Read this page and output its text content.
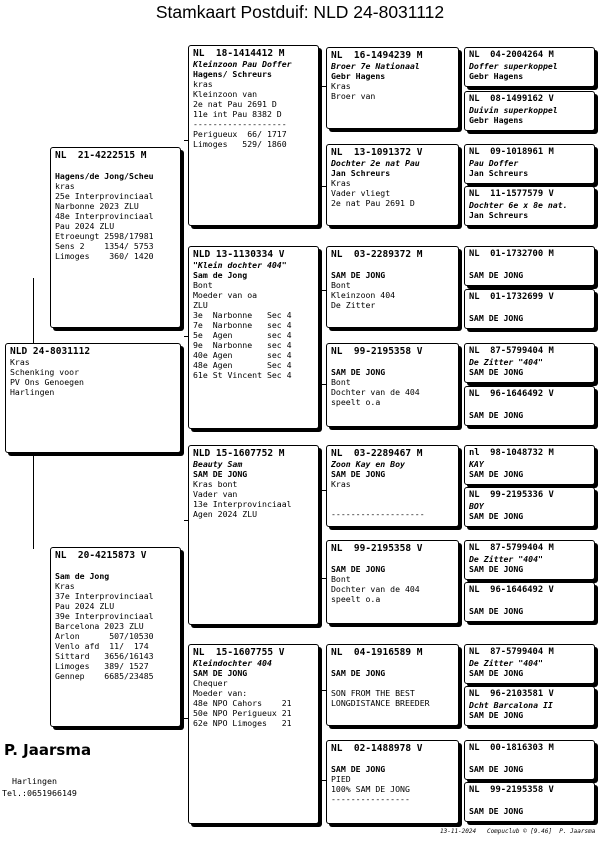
Stamkaart Postduif: NLD 24-8031112
NLD 24-8031112
Kras
Schenking voor
PV Ons Genoegen
Harlingen
NL  21-4222515 M
Hagens/de Jong/Scheu
kras
25e Interprovinciaal
Narbonne 2023 ZLU
48e Interprovinciaal
Pau 2024 ZLU
Etroeungt 2598/17981
Sens 2    1354/ 5753
Limoges    360/ 1420
NL  20-4215873 V
Sam de Jong
Kras
37e Interprovinciaal
Pau 2024 ZLU
39e Interprovinciaal
Barcelona 2023 ZLU
Arlon      507/10530
Venlo afd  11/  174
Sittard   3656/16143
Limoges   389/ 1527
Gennep    6685/23485
NL  18-1414412 M
Kleinzoon Pau Doffer
Hagens/ Schreurs
kras
Kleinzoon van
2e nat Pau 2691 D
11e int Pau 8382 D
-------------------
Perigueux  66/ 1717
Limoges   529/ 1860
NLD 13-1130334 V
"Klein dochter 404"
Sam de Jong
Bont
Moeder van oa
ZLU
3e  Narbonne   Sec 4
7e  Narbonne   sec 4
5e  Agen       sec 4
9e  Narbonne   sec 4
40e Agen       sec 4
48e Agen       Sec 4
61e St Vincent Sec 4
NLD 15-1607752 M
Beauty Sam
SAM DE JONG
Kras bont
Vader van
13e Interprovinciaal
Agen 2024 ZLU
NL  15-1607755 V
Kleindochter 404
SAM DE JONG
Chequer
Moeder van:
48e NPO Cahors    21
50e NPO Perigueux 21
62e NPO Limoges   21
NL  16-1494239 M
Broer 7e Nationaal
Gebr Hagens
Kras
Broer van
NL  13-1091372 V
Dochter 2e nat Pau
Jan Schreurs
Kras
Vader vliegt
2e nat Pau 2691 D
NL  03-2289372 M
SAM DE JONG
Bont
Kleinzoon 404
De Zitter
NL  99-2195358 V
SAM DE JONG
Bont
Dochter van de 404
speelt o.a
NL  03-2289467 M
Zoon Kay en Boy
SAM DE JONG
Kras
-------------------
NL  99-2195358 V
SAM DE JONG
Bont
Dochter van de 404
speelt o.a
NL  04-1916589 M
SAM DE JONG
SON FROM THE BEST
LONGDISTANCE BREEDER
NL  02-1488978 V
SAM DE JONG
PIED
100% SAM DE JONG
----------------
NL  04-2004264 M
Doffer superkoppel
Gebr Hagens
NL  08-1499162 V
Duivin superkoppel
Gebr Hagens
NL  09-1018961 M
Pau Doffer
Jan Schreurs
NL  11-1577579 V
Dochter 6e x 8e nat.
Jan Schreurs
NL  01-1732700 M
SAM DE JONG
NL  01-1732699 V
SAM DE JONG
NL  87-5799404 M
De Zitter "404"
SAM DE JONG
NL  96-1646492 V
SAM DE JONG
nl  98-1048732 M
KAY
SAM DE JONG
NL  99-2195336 V
BOY
SAM DE JONG
NL  87-5799404 M
De Zitter "404"
SAM DE JONG
NL  96-1646492 V
SAM DE JONG
NL  87-5799404 M
De Zitter "404"
SAM DE JONG
NL  96-2103581 V
Dcht Barcalona II
SAM DE JONG
NL  00-1816303 M
SAM DE JONG
NL  99-2195358 V
SAM DE JONG
P. Jaarsma
Harlingen
Tel.:0651966149
13-11-2024   Compuclub © [9.46]  P. Jaarsma
